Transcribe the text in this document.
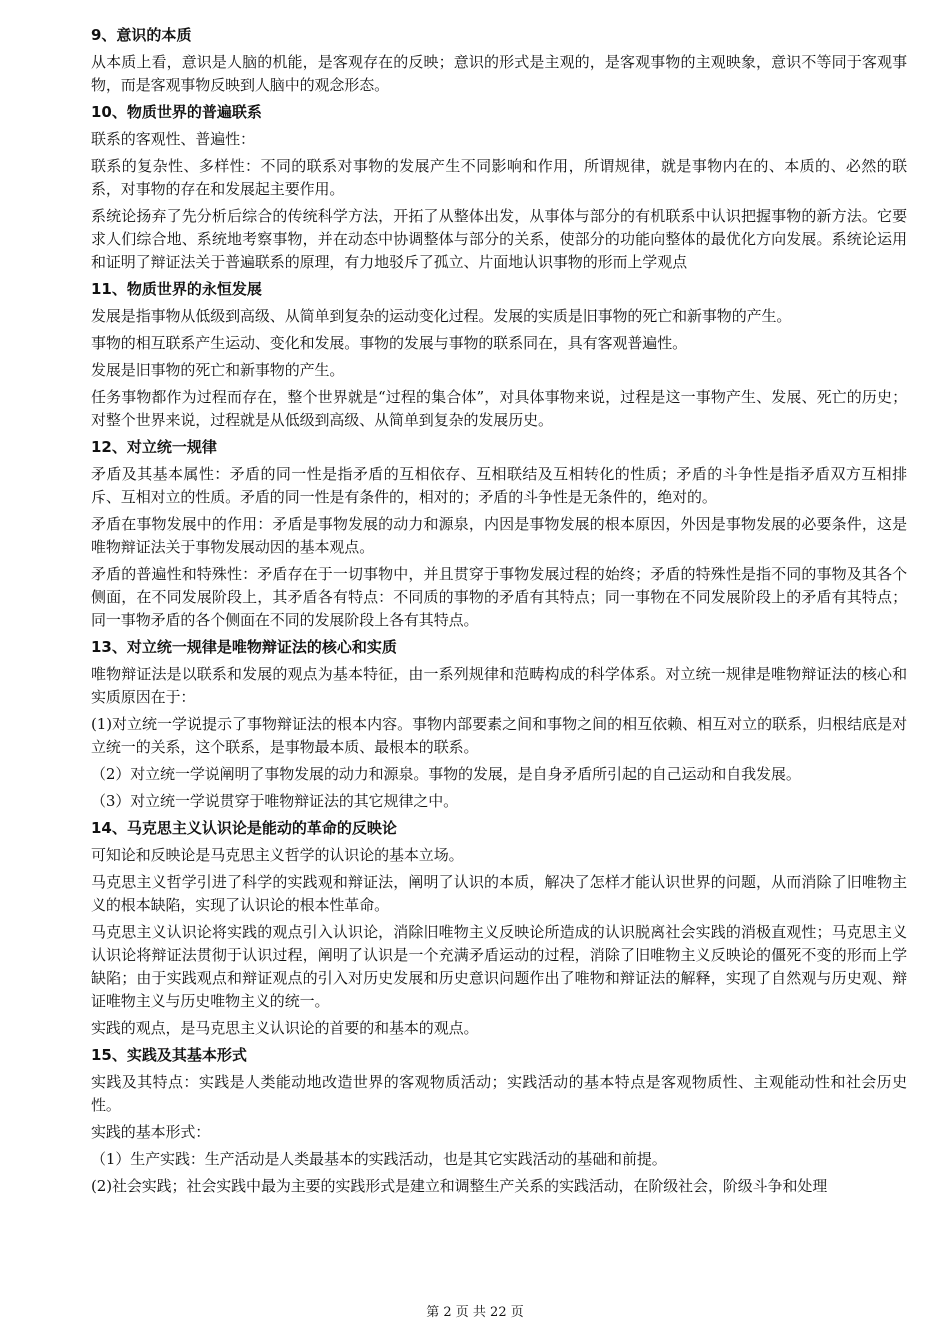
9、意识的本质
从本质上看，意识是人脑的机能，是客观存在的反映；意识的形式是主观的，是客观事物的主观映象，意识不等同于客观事物，而是客观事物反映到人脑中的观念形态。
10、物质世界的普遍联系
联系的客观性、普遍性：
联系的复杂性、多样性：不同的联系对事物的发展产生不同影响和作用，所谓规律，就是事物内在的、本质的、必然的联系，对事物的存在和发展起主要作用。
系统论扬弃了先分析后综合的传统科学方法，开拓了从整体出发，从事体与部分的有机联系中认识把握事物的新方法。它要求人们综合地、系统地考察事物，并在动态中协调整体与部分的关系，使部分的功能向整体的最优化方向发展。系统论运用和证明了辩证法关于普遍联系的原理，有力地驳斥了孤立、片面地认识事物的形而上学观点
11、物质世界的永恒发展
发展是指事物从低级到高级、从简单到复杂的运动变化过程。发展的实质是旧事物的死亡和新事物的产生。
事物的相互联系产生运动、变化和发展。事物的发展与事物的联系同在，具有客观普遍性。
发展是旧事物的死亡和新事物的产生。
任务事物都作为过程而存在，整个世界就是“过程的集合体”，对具体事物来说，过程是这一事物产生、发展、死亡的历史；对整个世界来说，过程就是从低级到高级、从简单到复杂的发展历史。
12、对立统一规律
矛盾及其基本属性：矛盾的同一性是指矛盾的互相依存、互相联结及互相转化的性质；矛盾的斗争性是指矛盾双方互相排斥、互相对立的性质。矛盾的同一性是有条件的，相对的；矛盾的斗争性是无条件的，绝对的。
矛盾在事物发展中的作用：矛盾是事物发展的动力和源泉，内因是事物发展的根本原因，外因是事物发展的必要条件，这是唯物辩证法关于事物发展动因的基本观点。
矛盾的普遍性和特殊性：矛盾存在于一切事物中，并且贯穿于事物发展过程的始终；矛盾的特殊性是指不同的事物及其各个侧面，在不同发展阶段上，其矛盾各有特点：不同质的事物的矛盾有其特点；同一事物在不同发展阶段上的矛盾有其特点；同一事物矛盾的各个侧面在不同的发展阶段上各有其特点。
13、对立统一规律是唯物辩证法的核心和实质
唯物辩证法是以联系和发展的观点为基本特征，由一系列规律和范畴构成的科学体系。对立统一规律是唯物辩证法的核心和实质原因在于：
(1)对立统一学说提示了事物辩证法的根本内容。事物内部要素之间和事物之间的相互依赖、相互对立的联系，归根结底是对立统一的关系，这个联系，是事物最本质、最根本的联系。
（2）对立统一学说阐明了事物发展的动力和源泉。事物的发展，是自身矛盾所引起的自己运动和自我发展。
（3）对立统一学说贯穿于唯物辩证法的其它规律之中。
14、马克思主义认识论是能动的革命的反映论
可知论和反映论是马克思主义哲学的认识论的基本立场。
马克思主义哲学引进了科学的实践观和辩证法，阐明了认识的本质，解决了怎样才能认识世界的问题，从而消除了旧唯物主义的根本缺陷，实现了认识论的根本性革命。
马克思主义认识论将实践的观点引入认识论，消除旧唯物主义反映论所造成的认识脱离社会实践的消极直观性；马克思主义认识论将辩证法贯彻于认识过程，阐明了认识是一个充满矛盾运动的过程，消除了旧唯物主义反映论的僵死不变的形而上学缺陷；由于实践观点和辩证观点的引入对历史发展和历史意识问题作出了唯物和辩证法的解释，实现了自然观与历史观、辩证唯物主义与历史唯物主义的统一。
实践的观点，是马克思主义认识论的首要的和基本的观点。
15、实践及其基本形式
实践及其特点：实践是人类能动地改造世界的客观物质活动；实践活动的基本特点是客观物质性、主观能动性和社会历史性。
实践的基本形式：
（1）生产实践：生产活动是人类最基本的实践活动，也是其它实践活动的基础和前提。
(2)社会实践；社会实践中最为主要的实践形式是建立和调整生产关系的实践活动，在阶级社会，阶级斗争和处理
第 2 页 共 22 页
